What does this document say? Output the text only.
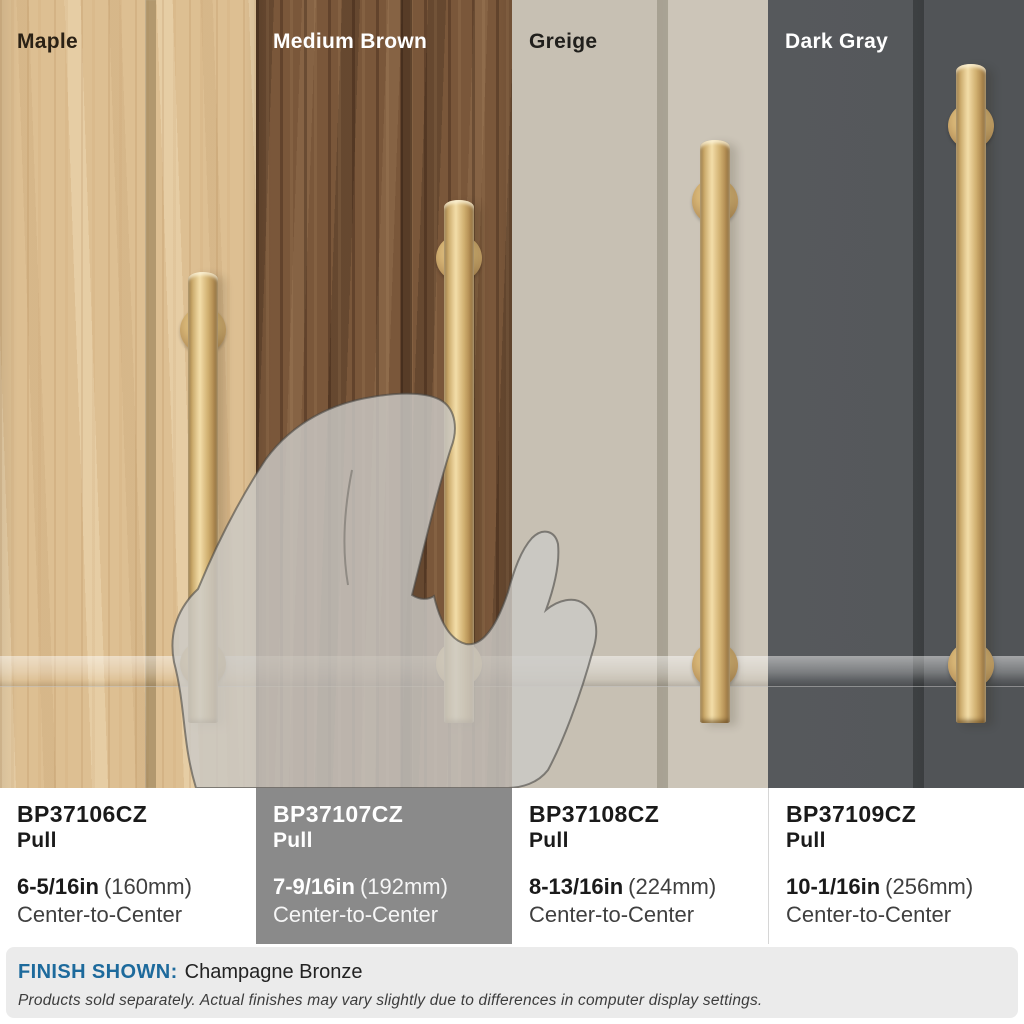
Maple	Medium Brown	Greige	Dark Gray
BP37106CZ
Pull
6-5/16in (160mm)
Center-to-Center
BP37107CZ
Pull
7-9/16in (192mm)
Center-to-Center
BP37108CZ
Pull
8-13/16in (224mm)
Center-to-Center
BP37109CZ
Pull
10-1/16in (256mm)
Center-to-Center
FINISH SHOWN: Champagne Bronze
Products sold separately. Actual finishes may vary slightly due to differences in computer display settings.
